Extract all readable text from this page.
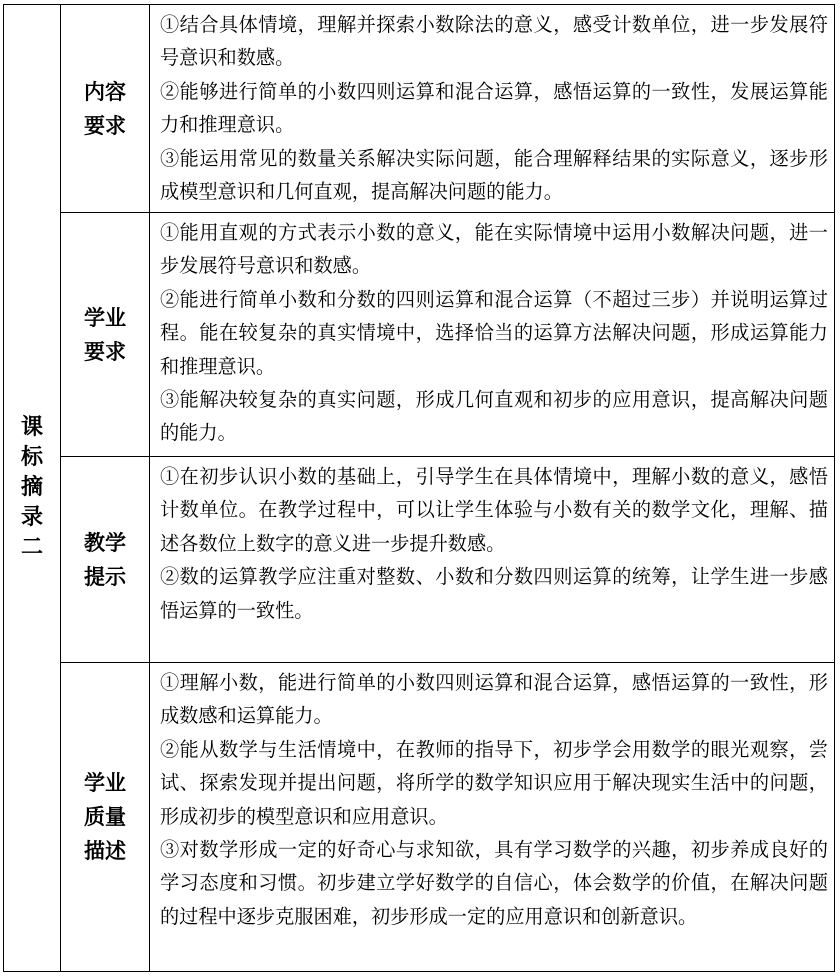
课标摘录二	内容要求	①结合具体情境，理解并探索小数除法的意义，感受计数单位，进一步发展符号意识和数感。

②能够进行简单的小数四则运算和混合运算，感悟运算的一致性，发展运算能力和推理意识。

③能运用常见的数量关系解决实际问题，能合理解释结果的实际意义，逐步形成模型意识和几何直观，提高解决问题的能力。

	学业要求	①能用直观的方式表示小数的意义，能在实际情境中运用小数解决问题，进一步发展符号意识和数感。

②能进行简单小数和分数的四则运算和混合运算（不超过三步）并说明运算过程。能在较复杂的真实情境中，选择恰当的运算方法解决问题，形成运算能力和推理意识。

③能解决较复杂的真实问题，形成几何直观和初步的应用意识，提高解决问题的能力。

	教学提示	①在初步认识小数的基础上，引导学生在具体情境中，理解小数的意义，感悟计数单位。在教学过程中，可以让学生体验与小数有关的数学文化，理解、描述各数位上数字的意义进一步提升数感。

②数的运算教学应注重对整数、小数和分数四则运算的统筹，让学生进一步感悟运算的一致性。

	学业质量描述	①理解小数，能进行简单的小数四则运算和混合运算，感悟运算的一致性，形成数感和运算能力。

②能从数学与生活情境中，在教师的指导下，初步学会用数学的眼光观察，尝试、探索发现并提出问题，将所学的数学知识应用于解决现实生活中的问题，形成初步的模型意识和应用意识。

③对数学形成一定的好奇心与求知欲，具有学习数学的兴趣，初步养成良好的学习态度和习惯。初步建立学好数学的自信心，体会数学的价值，在解决问题的过程中逐步克服困难，初步形成一定的应用意识和创新意识。
